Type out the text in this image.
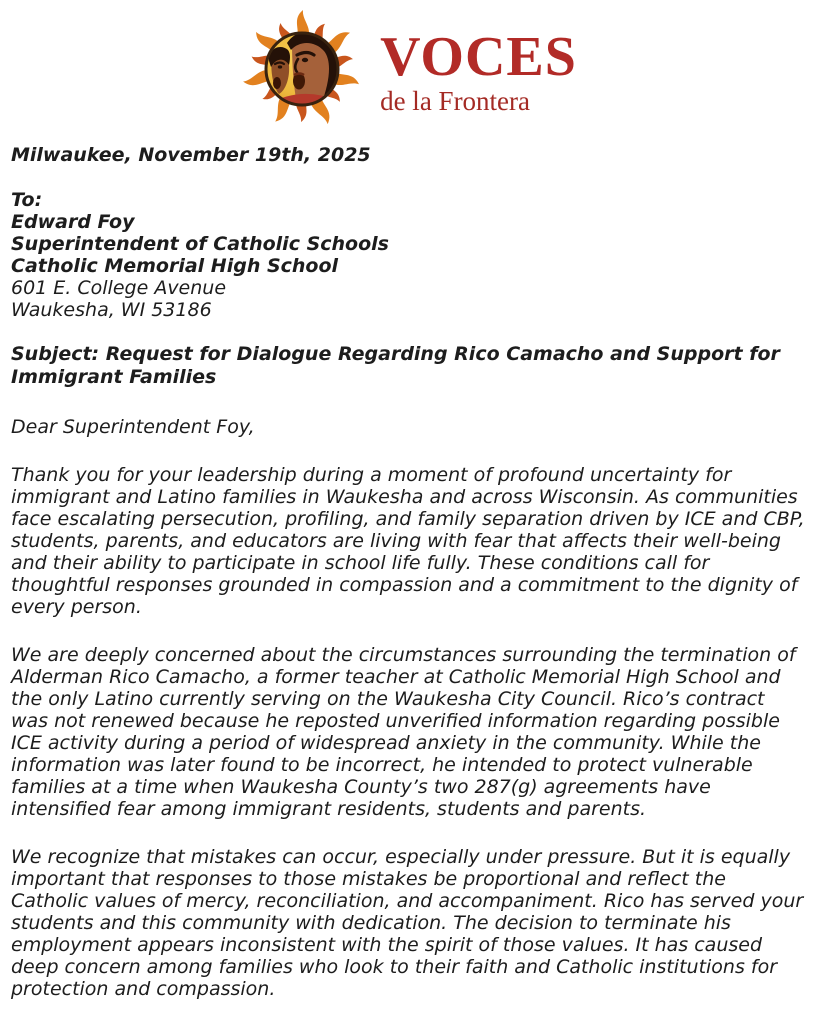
VOCES
de la Frontera
Milwaukee, November 19th, 2025
To:
Edward Foy
Superintendent of Catholic Schools
Catholic Memorial High School
601 E. College Avenue
Waukesha, WI 53186
Subject: Request for Dialogue Regarding Rico Camacho and Support for Immigrant Families
Dear Superintendent Foy,

Thank you for your leadership during a moment of profound uncertainty for immigrant and Latino families in Waukesha and across Wisconsin. As communities face escalating persecution, profiling, and family separation driven by ICE and CBP, students, parents, and educators are living with fear that affects their well-being and their ability to participate in school life fully. These conditions call for thoughtful responses grounded in compassion and a commitment to the dignity of every person.

We are deeply concerned about the circumstances surrounding the termination of Alderman Rico Camacho, a former teacher at Catholic Memorial High School and the only Latino currently serving on the Waukesha City Council. Rico’s contract was not renewed because he reposted unverified information regarding possible ICE activity during a period of widespread anxiety in the community. While the information was later found to be incorrect, he intended to protect vulnerable families at a time when Waukesha County’s two 287(g) agreements have intensified fear among immigrant residents, students and parents.

We recognize that mistakes can occur, especially under pressure. But it is equally important that responses to those mistakes be proportional and reflect the Catholic values of mercy, reconciliation, and accompaniment. Rico has served your students and this community with dedication. The decision to terminate his employment appears inconsistent with the spirit of those values. It has caused deep concern among families who look to their faith and Catholic institutions for protection and compassion.
